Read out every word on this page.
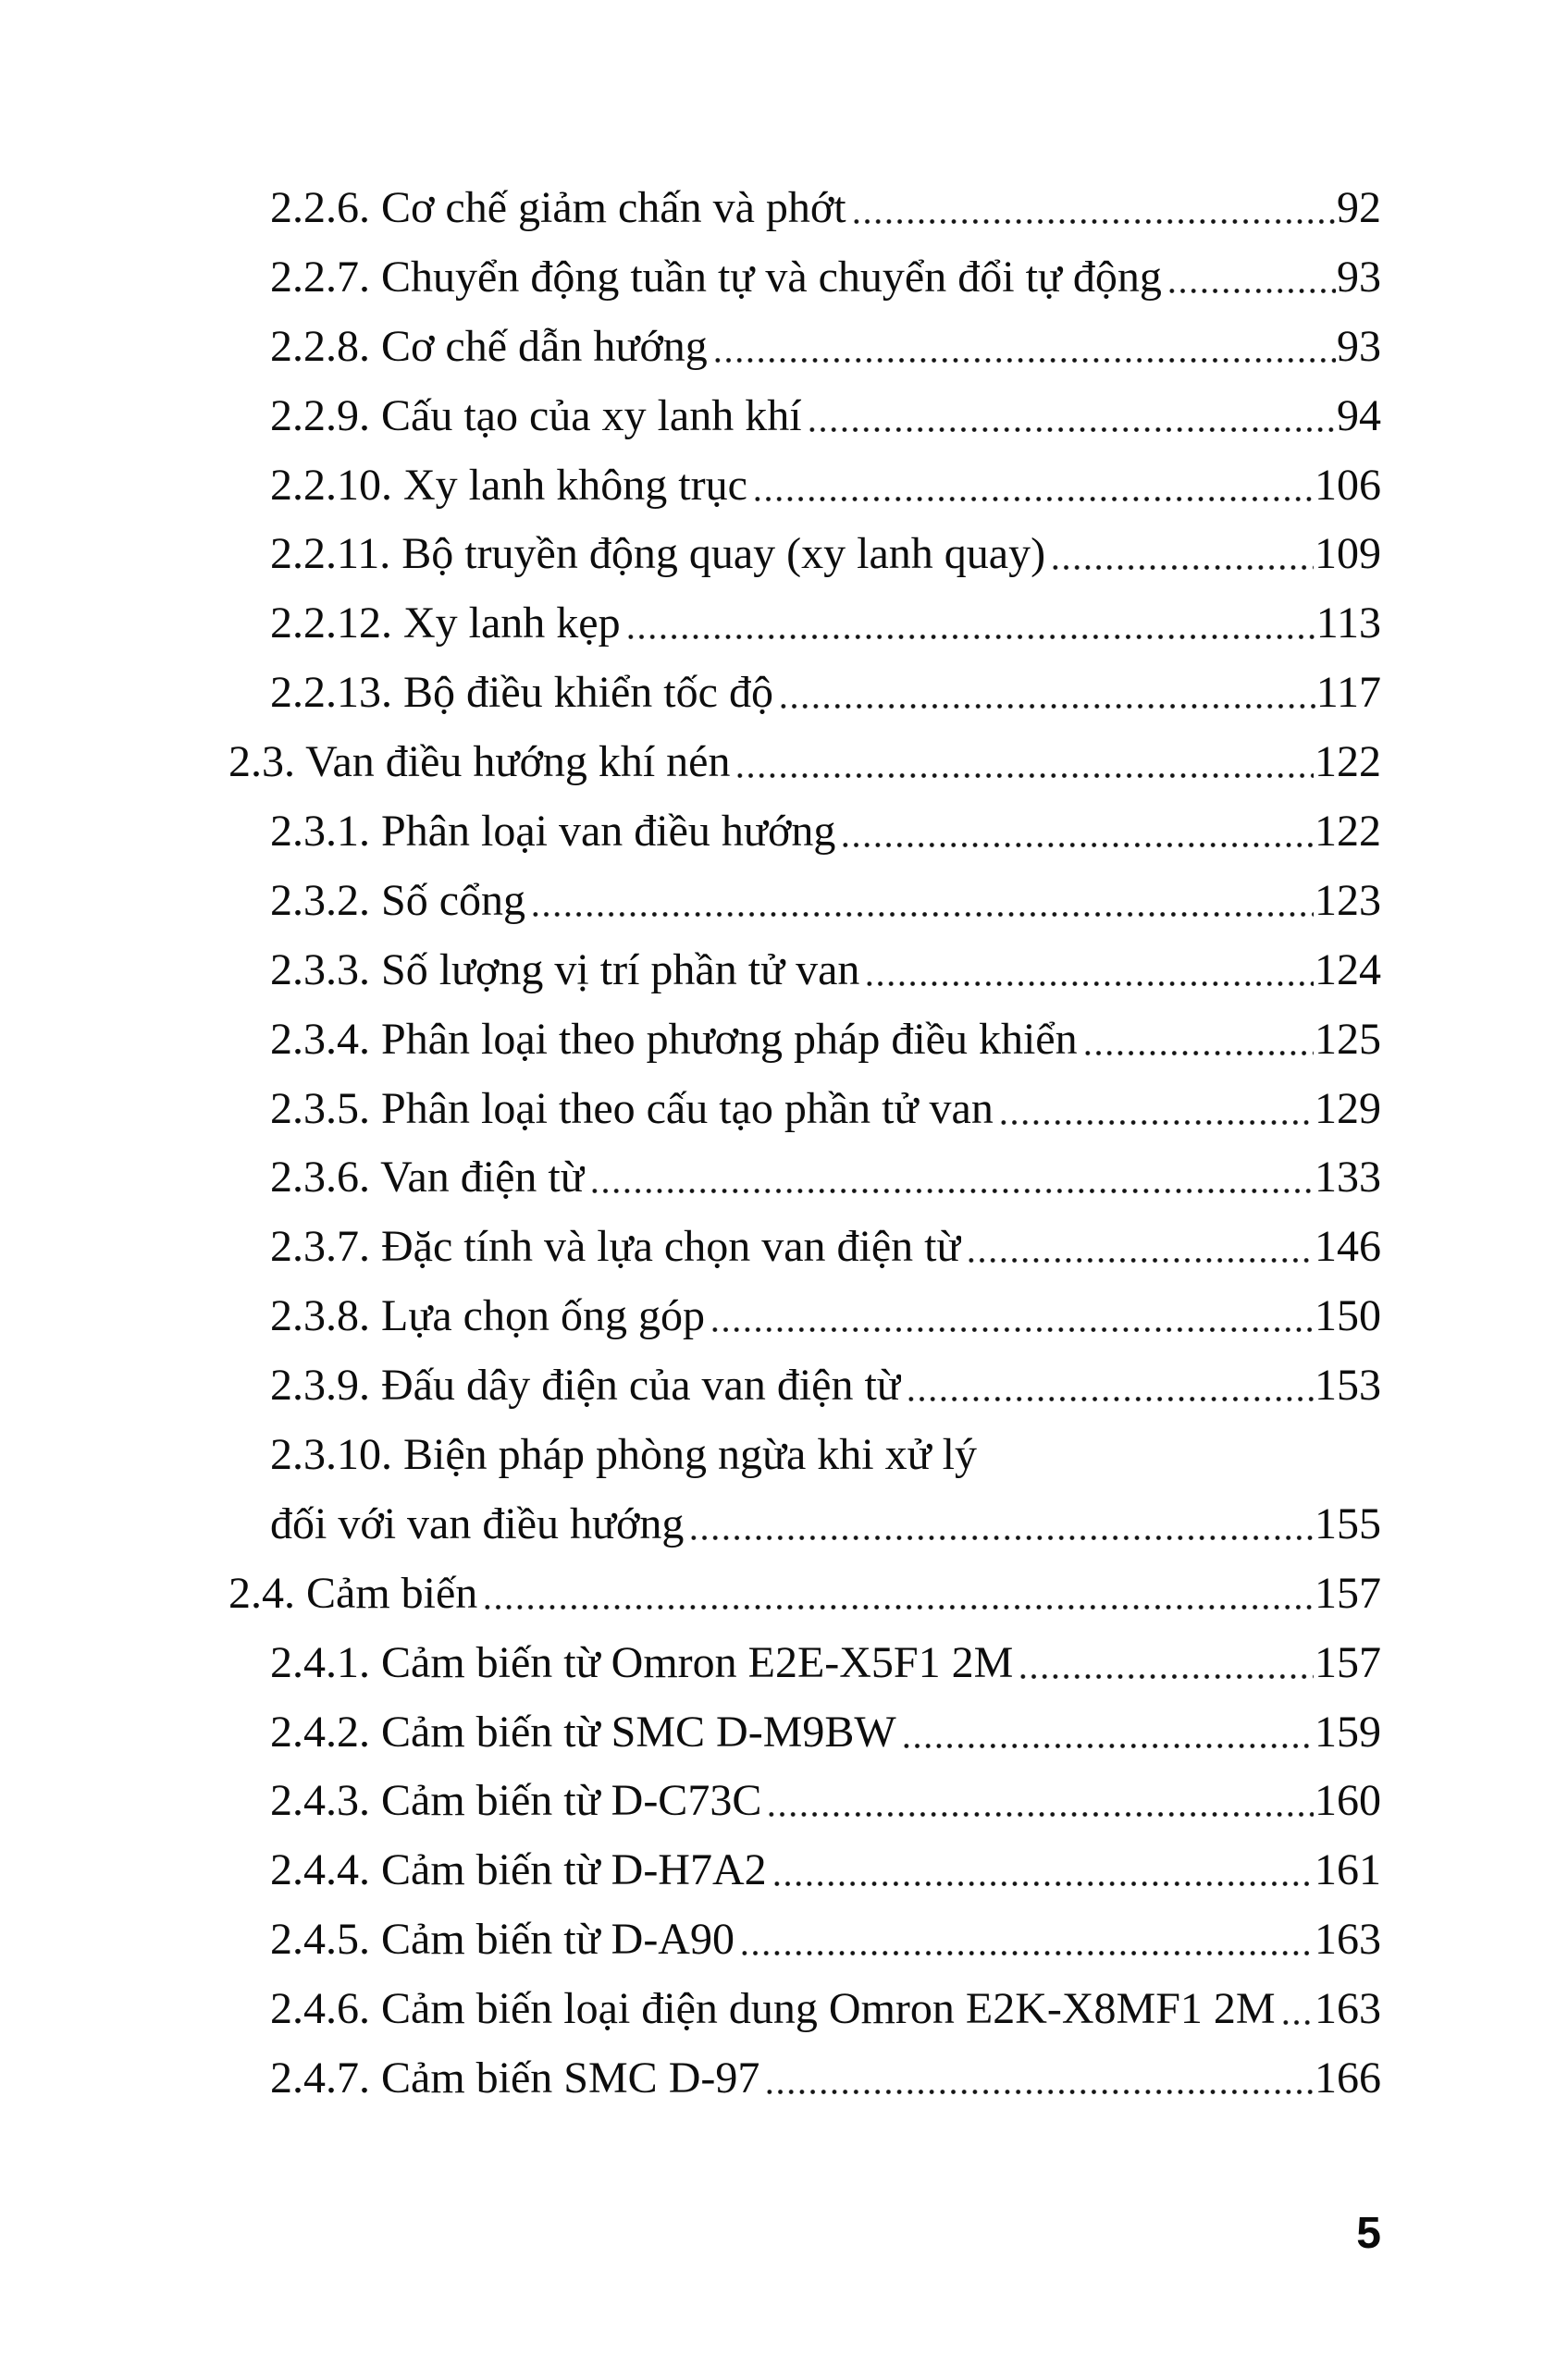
2.2.6. Cơ chế giảm chấn và phớt	92
2.2.7. Chuyển động tuần tự và chuyển đổi tự động	93
2.2.8. Cơ chế dẫn hướng	93
2.2.9. Cấu tạo của xy lanh khí	94
2.2.10. Xy lanh không trục	106
2.2.11. Bộ truyền động quay (xy lanh quay)	109
2.2.12. Xy lanh kẹp	113
2.2.13. Bộ điều khiển tốc độ	117
2.3. Van điều hướng khí nén	122
2.3.1. Phân loại van điều hướng	122
2.3.2. Số cổng	123
2.3.3. Số lượng vị trí phần tử van	124
2.3.4. Phân loại theo phương pháp điều khiển	125
2.3.5. Phân loại theo cấu tạo phần tử van	129
2.3.6. Van điện từ	133
2.3.7. Đặc tính và lựa chọn van điện từ	146
2.3.8. Lựa chọn ống góp	150
2.3.9. Đấu dây điện của van điện từ	153
2.3.10. Biện pháp phòng ngừa khi xử lý
đối với van điều hướng	155
2.4. Cảm biến	157
2.4.1. Cảm biến từ Omron E2E-X5F1 2M	157
2.4.2. Cảm biến từ SMC D-M9BW	159
2.4.3. Cảm biến từ D-C73C	160
2.4.4. Cảm biến từ D-H7A2	161
2.4.5. Cảm biến từ D-A90	163
2.4.6. Cảm biến loại điện dung Omron E2K-X8MF1 2M 163
2.4.7. Cảm biến SMC D-97	166
5
